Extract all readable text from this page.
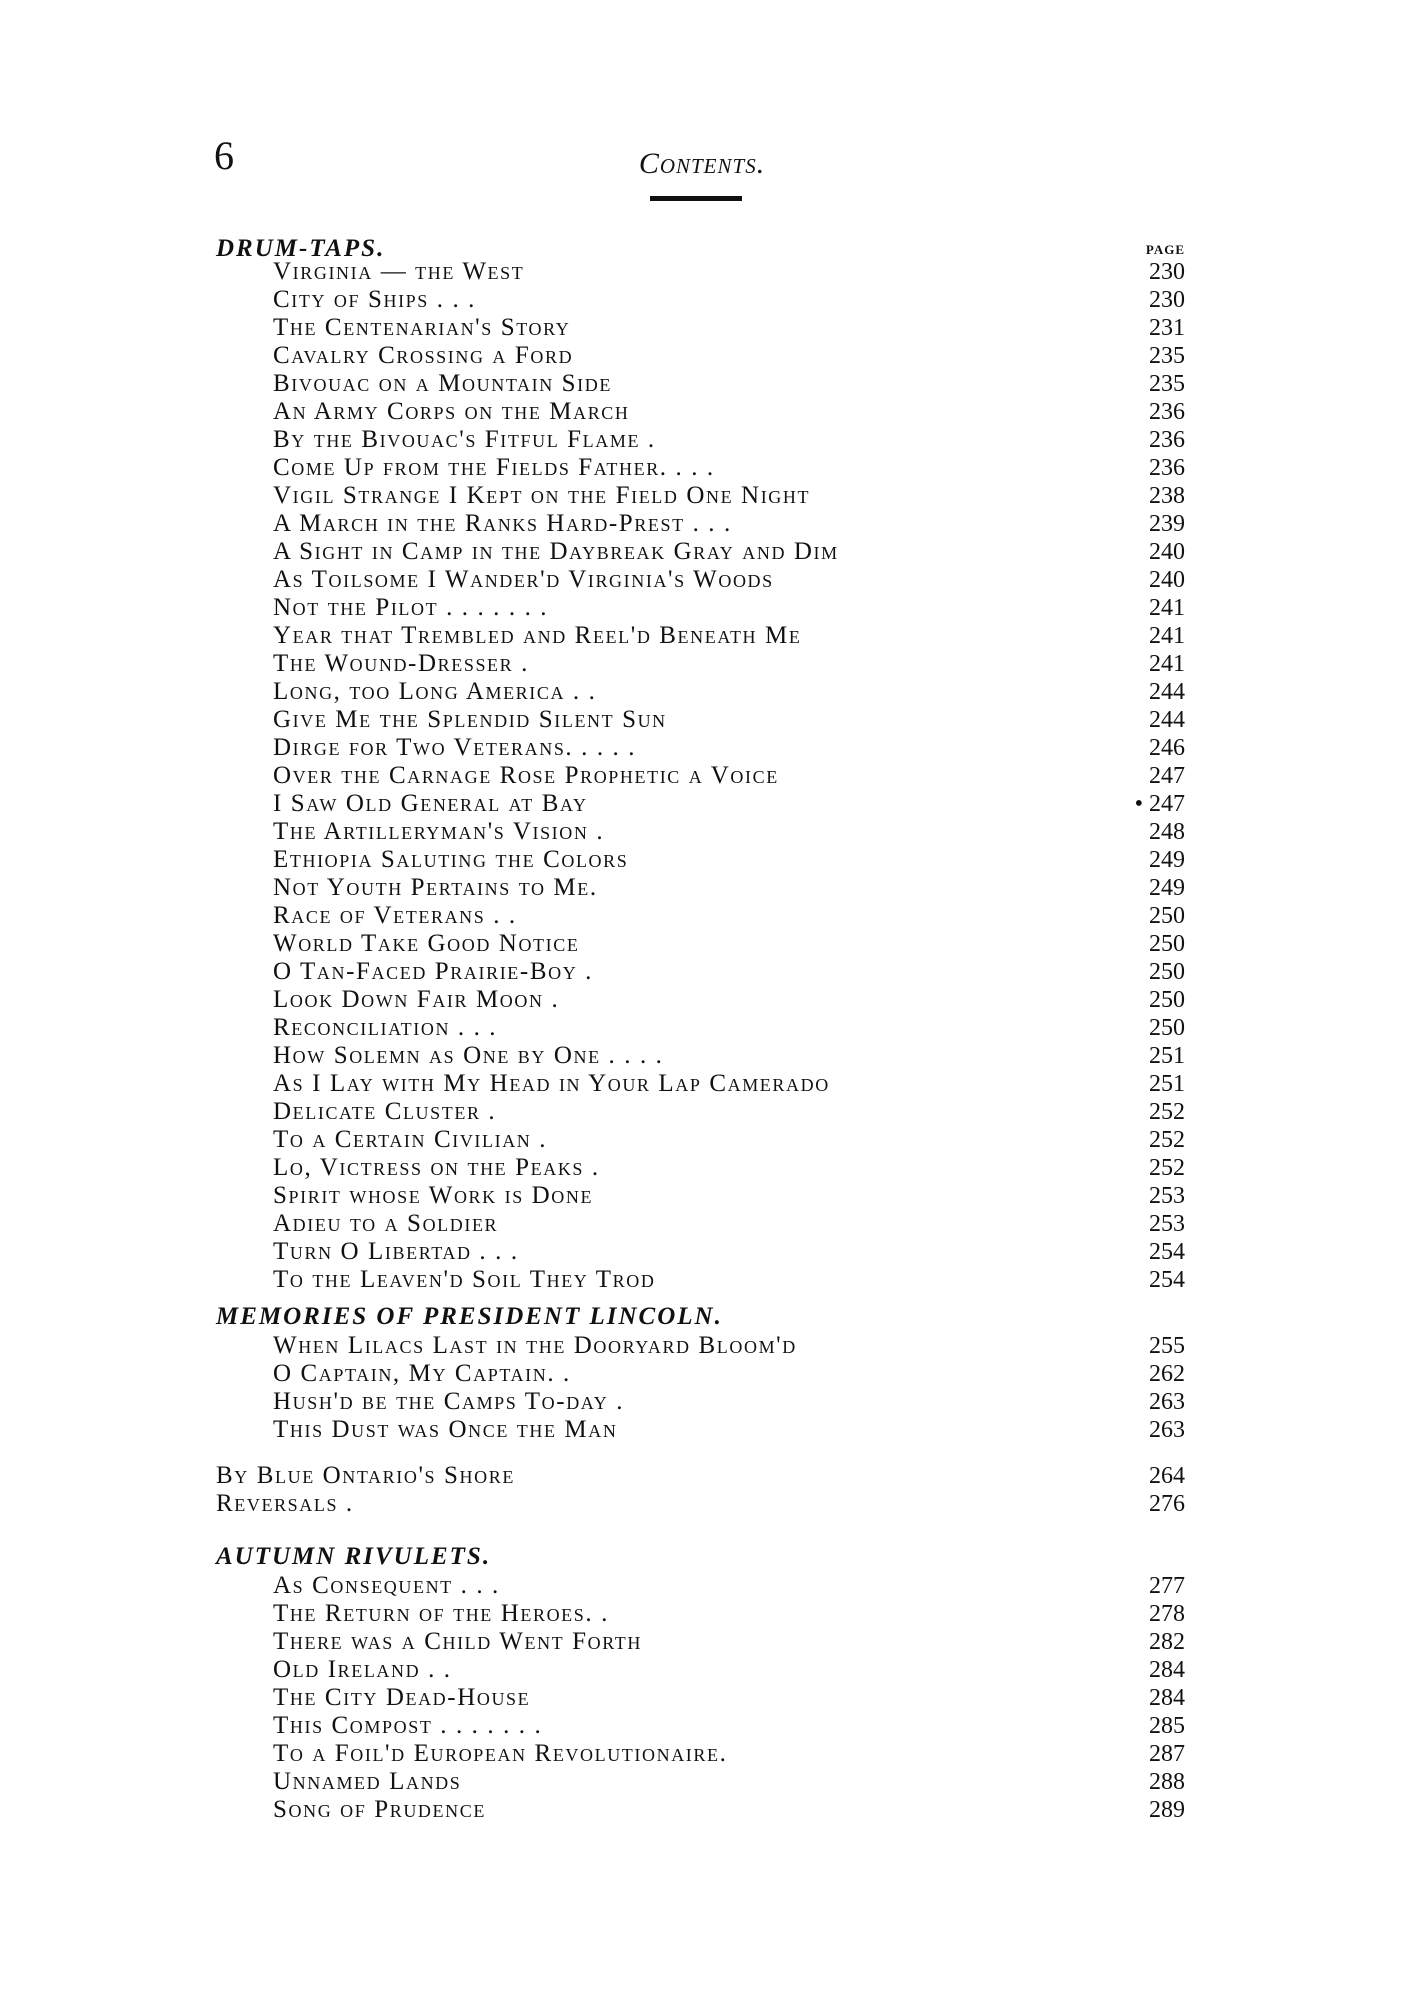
6	Contents.
DRUM-TAPS.	PAGE
Virginia — the West	230
City of Ships . . .	230
The Centenarian's Story	231
Cavalry Crossing a Ford	235
Bivouac on a Mountain Side	235
An Army Corps on the March	236
By the Bivouac's Fitful Flame .	236
Come Up from the Fields Father. . . .	236
Vigil Strange I Kept on the Field One Night	238
A March in the Ranks Hard-Prest . . .	239
A Sight in Camp in the Daybreak Gray and Dim	240
As Toilsome I Wander'd Virginia's Woods	240
Not the Pilot . . . . . . .	241
Year that Trembled and Reel'd Beneath Me	241
The Wound-Dresser .	241
Long, too Long America . .	244
Give Me the Splendid Silent Sun	244
Dirge for Two Veterans. . . . .	246
Over the Carnage Rose Prophetic a Voice	247
I Saw Old General at Bay	• 247
The Artilleryman's Vision .	248
Ethiopia Saluting the Colors	249
Not Youth Pertains to Me.	249
Race of Veterans . .	250
World Take Good Notice	250
O Tan-Faced Prairie-Boy .	250
Look Down Fair Moon .	250
Reconciliation . . .	250
How Solemn as One by One . . . .	251
As I Lay with My Head in Your Lap Camerado	251
Delicate Cluster .	252
To a Certain Civilian .	252
Lo, Victress on the Peaks .	252
Spirit whose Work is Done	253
Adieu to a Soldier	253
Turn O Libertad . . .	254
To the Leaven'd Soil They Trod	254
MEMORIES OF PRESIDENT LINCOLN.
When Lilacs Last in the Dooryard Bloom'd	255
O Captain, My Captain. .	262
Hush'd be the Camps To-day .	263
This Dust was Once the Man	263
By Blue Ontario's Shore	264
Reversals .	276
AUTUMN RIVULETS.
As Consequent . . .	277
The Return of the Heroes. .	278
There was a Child Went Forth	282
Old Ireland . .	284
The City Dead-House	284
This Compost . . . . . . .	285
To a Foil'd European Revolutionaire.	287
Unnamed Lands	288
Song of Prudence	289
